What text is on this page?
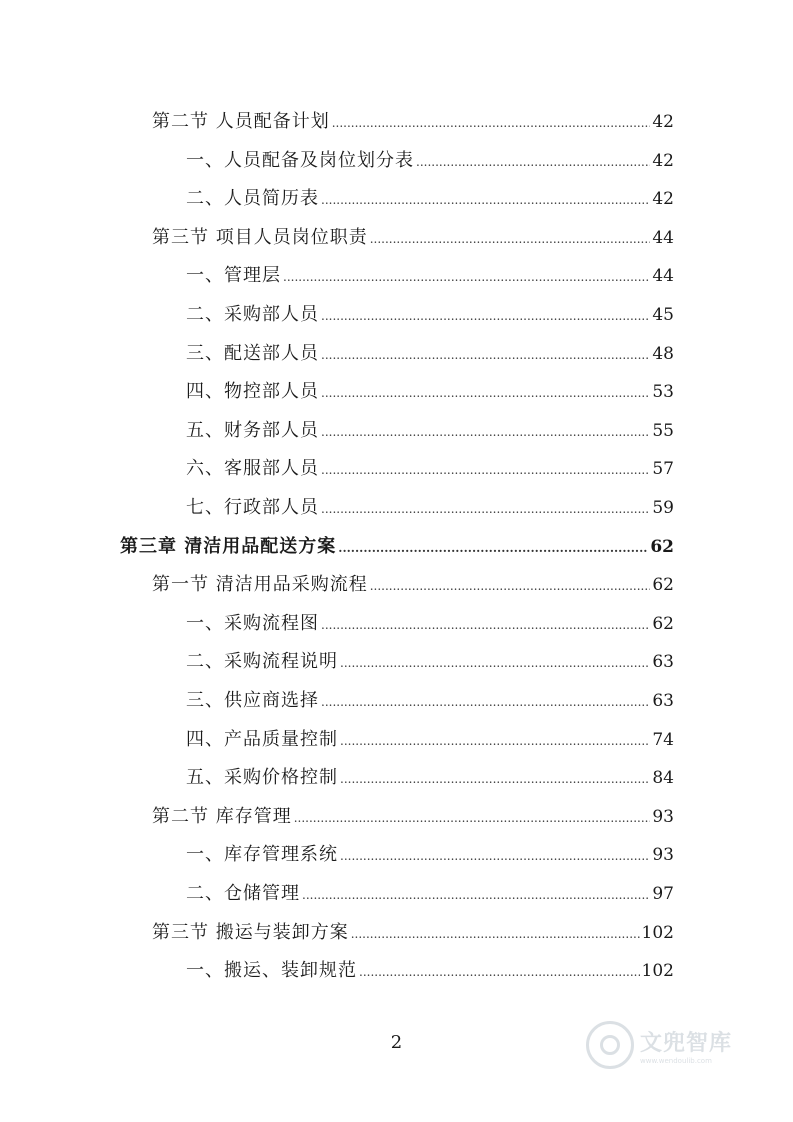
第二节 人员配备计划 .....	42
一、人员配备及岗位划分表 .....	42
二、人员简历表 .....	42
第三节 项目人员岗位职责 .....	44
一、管理层 .....	44
二、采购部人员 .....	45
三、配送部人员 .....	48
四、物控部人员 .....	53
五、财务部人员 .....	55
六、客服部人员 .....	57
七、行政部人员 .....	59
第三章 清洁用品配送方案 .....	62
第一节 清洁用品采购流程 .....	62
一、采购流程图 .....	62
二、采购流程说明 .....	63
三、供应商选择 .....	63
四、产品质量控制 .....	74
五、采购价格控制 .....	84
第二节 库存管理 .....	93
一、库存管理系统 .....	93
二、仓储管理 .....	97
第三节 搬运与装卸方案 .....	102
一、搬运、装卸规范 .....	102
2	文兜智库
www.wendoulib.com
